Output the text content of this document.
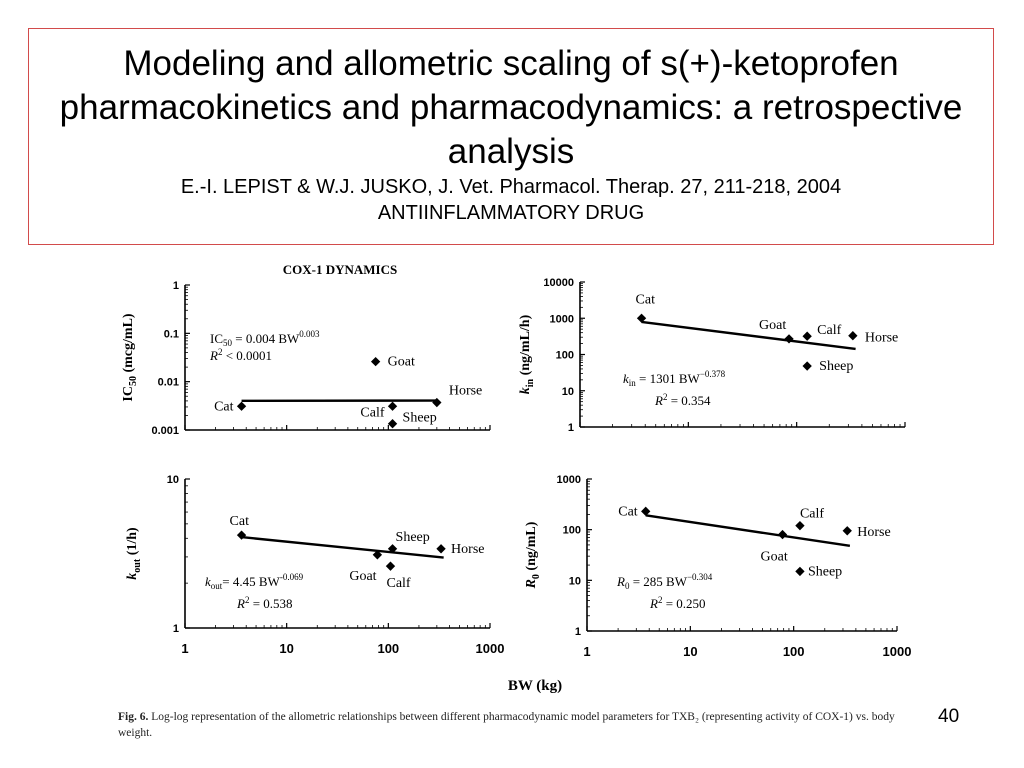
Modeling and allometric scaling of s(+)-ketoprofen pharmacokinetics and pharmacodynamics: a retrospective analysis
E.-I. LEPIST & W.J. JUSKO, J. Vet. Pharmacol. Therap. 27, 211-218, 2004
ANTIINFLAMMATORY DRUG
COX-1 DYNAMICS
0.001
0.01
0.1
1
$IC_{50}$ (mcg/mL)
Cat
Goat
Calf Sheep
Horse
$IC_{50} = 0.004$ $BW^{0.003}$
$R^2 < 0.0001$
1
10
100
1000
10000
$k_{in}$ (ng/mL/h)
Cat
Goat Calf
Horse
Sheep
$k_{in} = 1301$ $BW^{-0.378}$
$R^2 = 0.354$
1
10
1	10	100	1000
$k_{out}$ (1/h)
Cat
Goat
Sheep
Calf
Horse
$k_{out}= 4.45$ $BW^{-0.069}$
$R^2 = 0.538$
1
10
100
1000
1	10	100	1000
$R_0$ (ng/mL)
Cat
Goat
Calf
Horse
Sheep
$R_0 = 285$ $BW^{-0.304}$
$R^2 = 0.250$
BW (kg)
Fig. 6. Log-log representation of the allometric relationships between different pharmacodynamic model parameters for TXB₂ (representing activity of COX-1) vs. body weight.
40
